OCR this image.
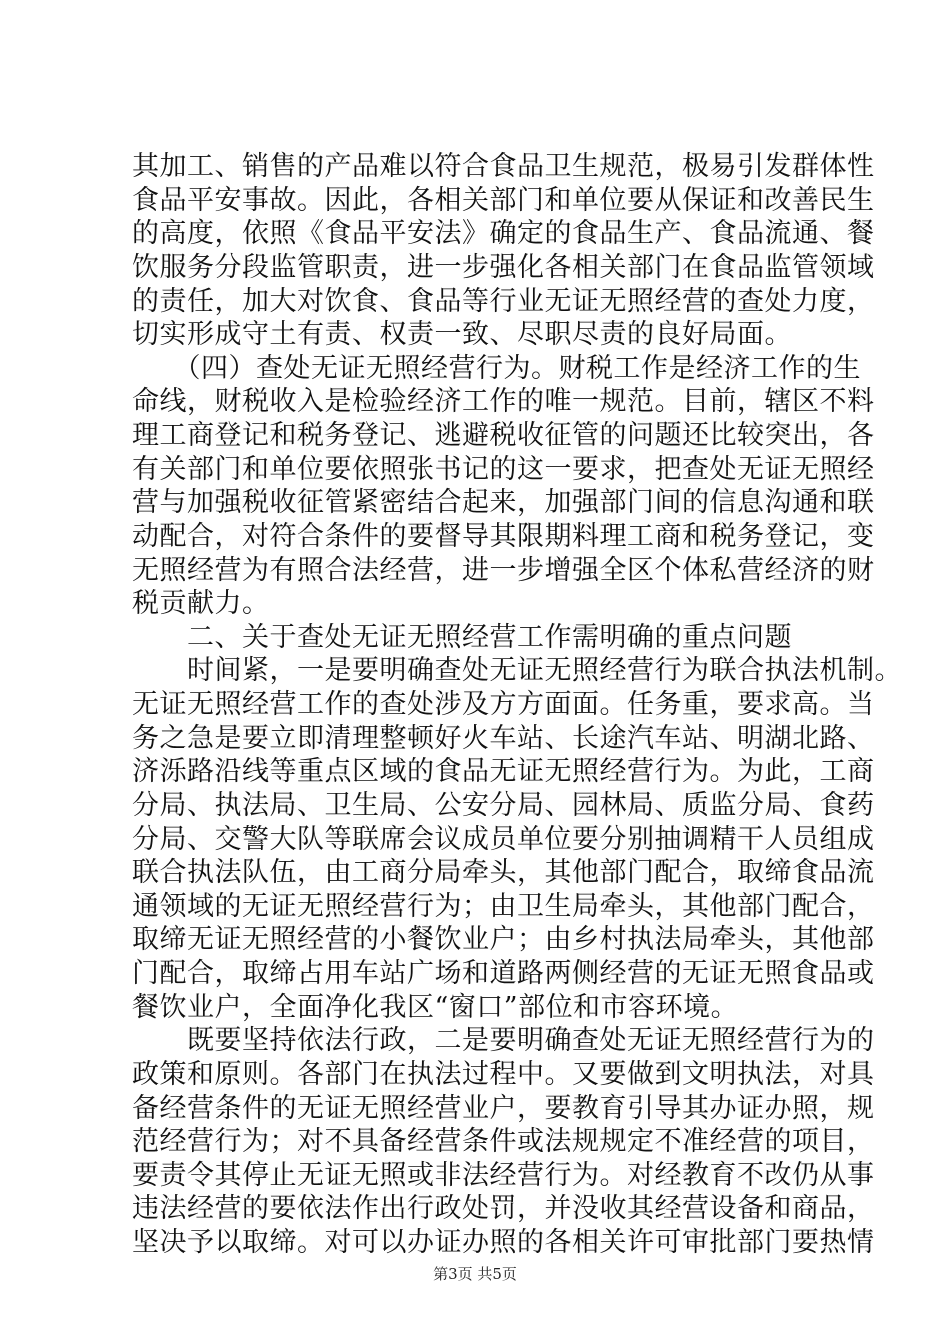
其加工、销售的产品难以符合食品卫生规范，极易引发群体性
食品平安事故。因此，各相关部门和单位要从保证和改善民生
的高度，依照《食品平安法》确定的食品生产、食品流通、餐
饮服务分段监管职责，进一步强化各相关部门在食品监管领域
的责任，加大对饮食、食品等行业无证无照经营的查处力度，
切实形成守土有责、权责一致、尽职尽责的良好局面。
　　（四）查处无证无照经营行为。财税工作是经济工作的生
命线，财税收入是检验经济工作的唯一规范。目前，辖区不料
理工商登记和税务登记、逃避税收征管的问题还比较突出，各
有关部门和单位要依照张书记的这一要求，把查处无证无照经
营与加强税收征管紧密结合起来，加强部门间的信息沟通和联
动配合，对符合条件的要督导其限期料理工商和税务登记，变
无照经营为有照合法经营，进一步增强全区个体私营经济的财
税贡献力。
　　二、关于查处无证无照经营工作需明确的重点问题
　　时间紧，一是要明确查处无证无照经营行为联合执法机制。
无证无照经营工作的查处涉及方方面面。任务重，要求高。当
务之急是要立即清理整顿好火车站、长途汽车站、明湖北路、
济泺路沿线等重点区域的食品无证无照经营行为。为此，工商
分局、执法局、卫生局、公安分局、园林局、质监分局、食药
分局、交警大队等联席会议成员单位要分别抽调精干人员组成
联合执法队伍，由工商分局牵头，其他部门配合，取缔食品流
通领域的无证无照经营行为；由卫生局牵头，其他部门配合，
取缔无证无照经营的小餐饮业户；由乡村执法局牵头，其他部
门配合，取缔占用车站广场和道路两侧经营的无证无照食品或
餐饮业户，全面净化我区“窗口”部位和市容环境。
　　既要坚持依法行政，二是要明确查处无证无照经营行为的
政策和原则。各部门在执法过程中。又要做到文明执法，对具
备经营条件的无证无照经营业户，要教育引导其办证办照，规
范经营行为；对不具备经营条件或法规规定不准经营的项目，
要责令其停止无证无照或非法经营行为。对经教育不改仍从事
违法经营的要依法作出行政处罚，并没收其经营设备和商品，
坚决予以取缔。对可以办证办照的各相关许可审批部门要热情
第3页 共5页
